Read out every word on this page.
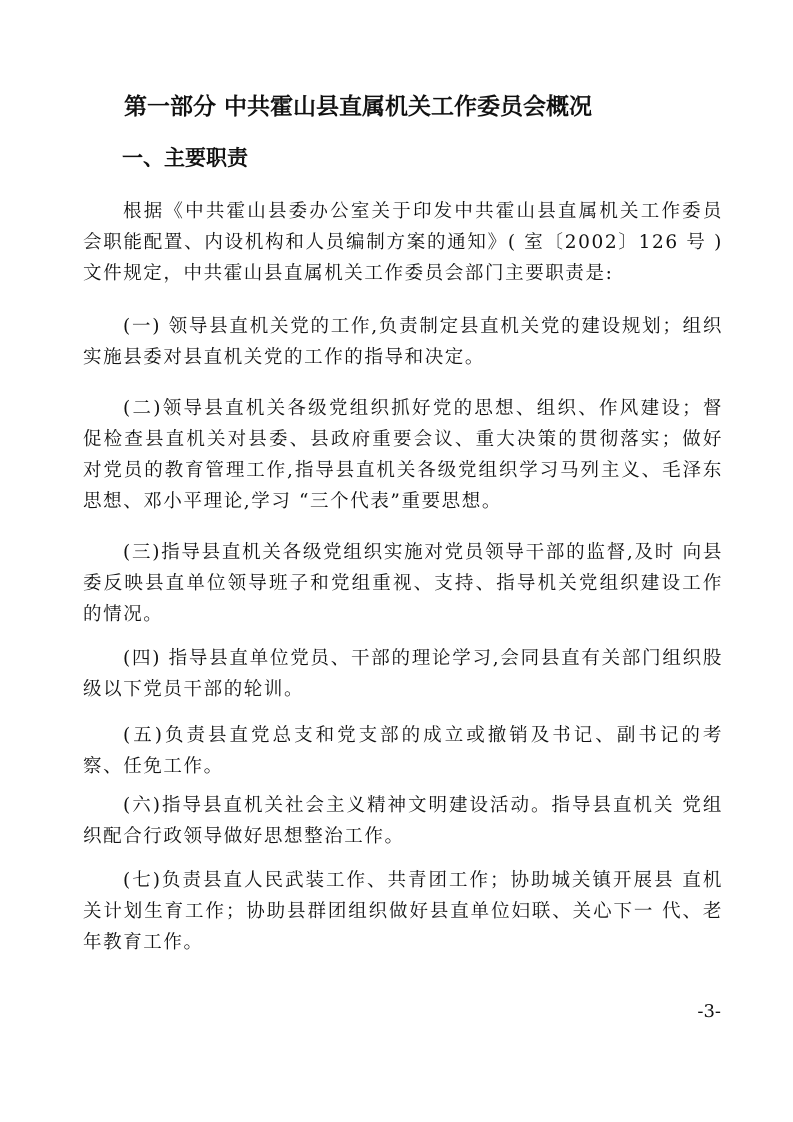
第一部分 中共霍山县直属机关工作委员会概况
一、主要职责

根据《中共霍山县委办公室关于印发中共霍山县直属机关工作委员会职能配置、内设机构和人员编制方案的通知》( 室〔2002〕126 号 ) 文件规定，中共霍山县直属机关工作委员会部门主要职责是:

(一) 领导县直机关党的工作,负责制定县直机关党的建设规划；组织实施县委对县直机关党的工作的指导和决定。

(二)领导县直机关各级党组织抓好党的思想、组织、作风建设；督促检查县直机关对县委、县政府重要会议、重大决策的贯彻落实；做好对党员的教育管理工作,指导县直机关各级党组织学习马列主义、毛泽东思想、邓小平理论,学习 “三个代表”重要思想。

(三)指导县直机关各级党组织实施对党员领导干部的监督,及时 向县委反映县直单位领导班子和党组重视、支持、指导机关党组织建设工作的情况。

(四) 指导县直单位党员、干部的理论学习,会同县直有关部门组织股级以下党员干部的轮训。

(五)负责县直党总支和党支部的成立或撤销及书记、副书记的考察、任免工作。

(六)指导县直机关社会主义精神文明建设活动。指导县直机关 党组织配合行政领导做好思想整治工作。

(七)负责县直人民武装工作、共青团工作；协助城关镇开展县 直机关计划生育工作；协助县群团组织做好县直单位妇联、关心下一 代、老年教育工作。

-3-
